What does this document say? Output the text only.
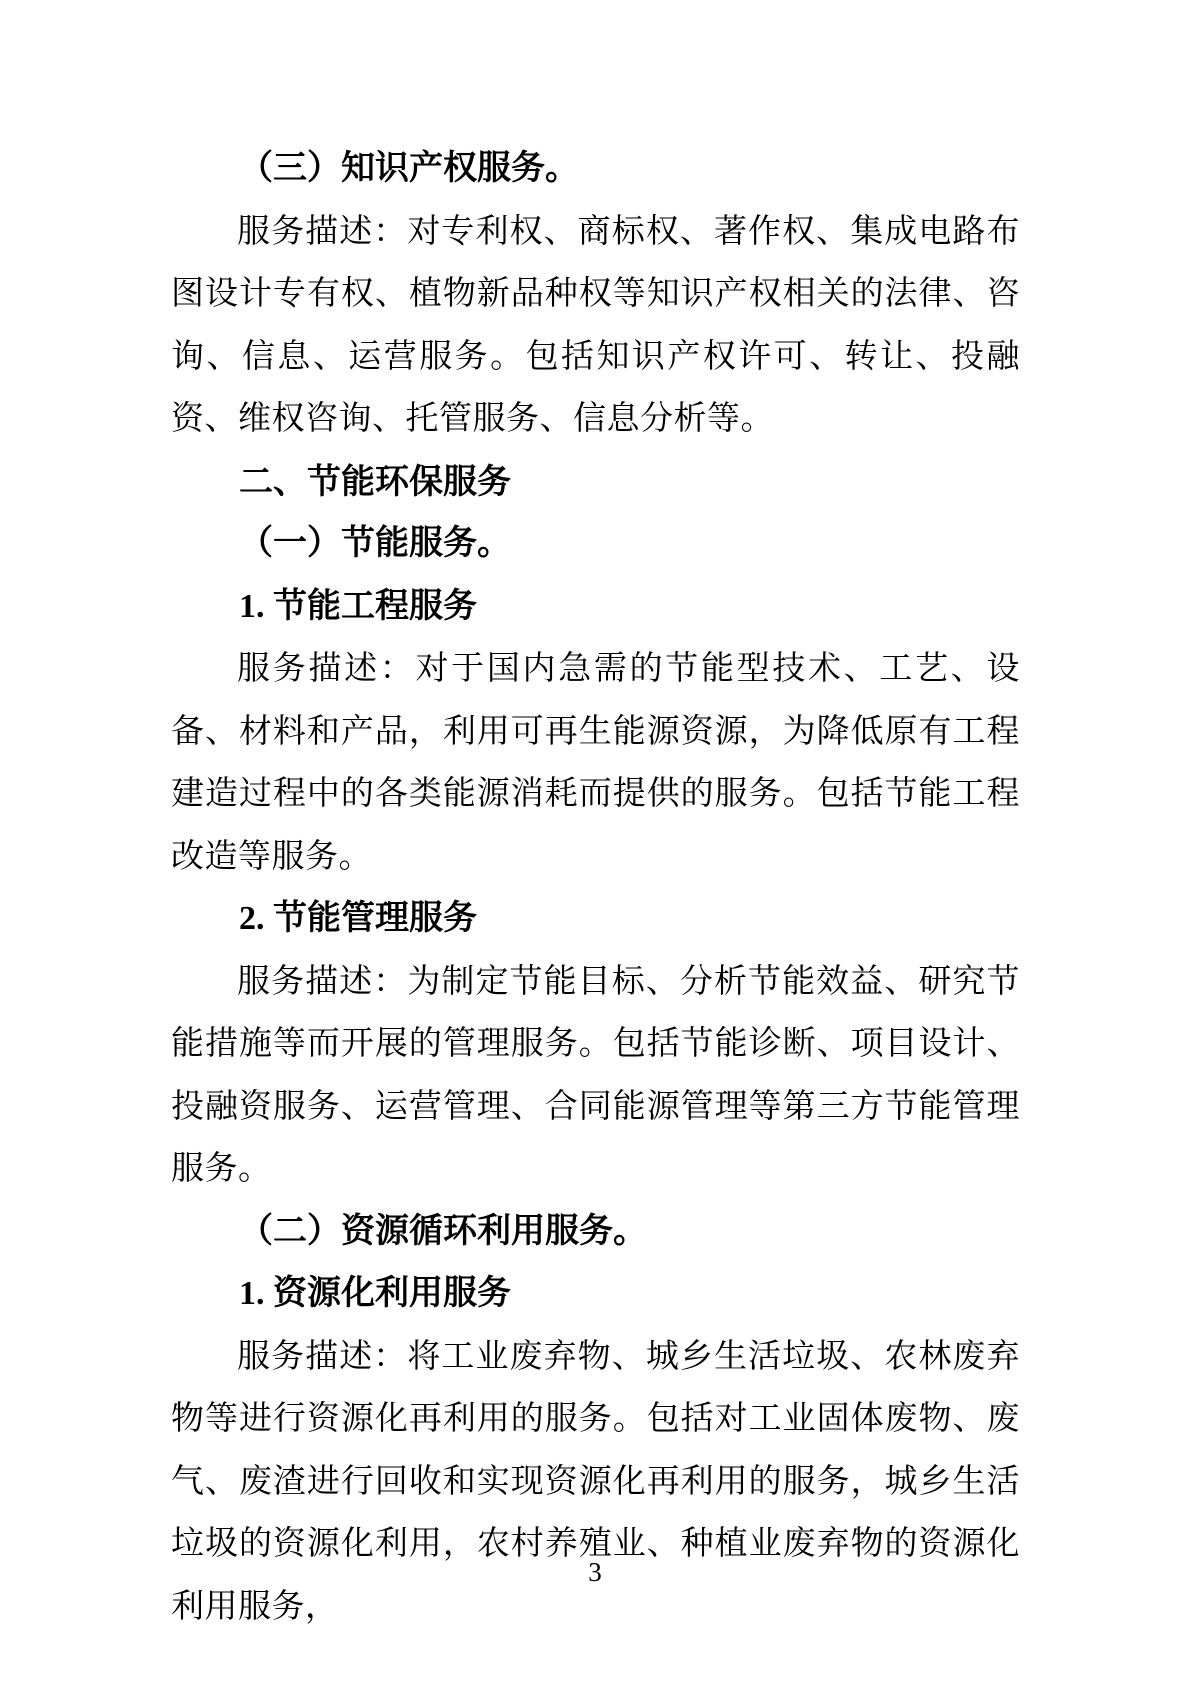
（三）知识产权服务。

服务描述：对专利权、商标权、著作权、集成电路布图设计专有权、植物新品种权等知识产权相关的法律、咨询、信息、运营服务。包括知识产权许可、转让、投融资、维权咨询、托管服务、信息分析等。

二、节能环保服务

（一）节能服务。

1. 节能工程服务

服务描述：对于国内急需的节能型技术、工艺、设备、材料和产品，利用可再生能源资源，为降低原有工程建造过程中的各类能源消耗而提供的服务。包括节能工程改造等服务。

2. 节能管理服务

服务描述：为制定节能目标、分析节能效益、研究节能措施等而开展的管理服务。包括节能诊断、项目设计、投融资服务、运营管理、合同能源管理等第三方节能管理服务。

（二）资源循环利用服务。

1. 资源化利用服务

服务描述：将工业废弃物、城乡生活垃圾、农林废弃物等进行资源化再利用的服务。包括对工业固体废物、废气、废渣进行回收和实现资源化再利用的服务，城乡生活垃圾的资源化利用，农村养殖业、种植业废弃物的资源化利用服务，

3
